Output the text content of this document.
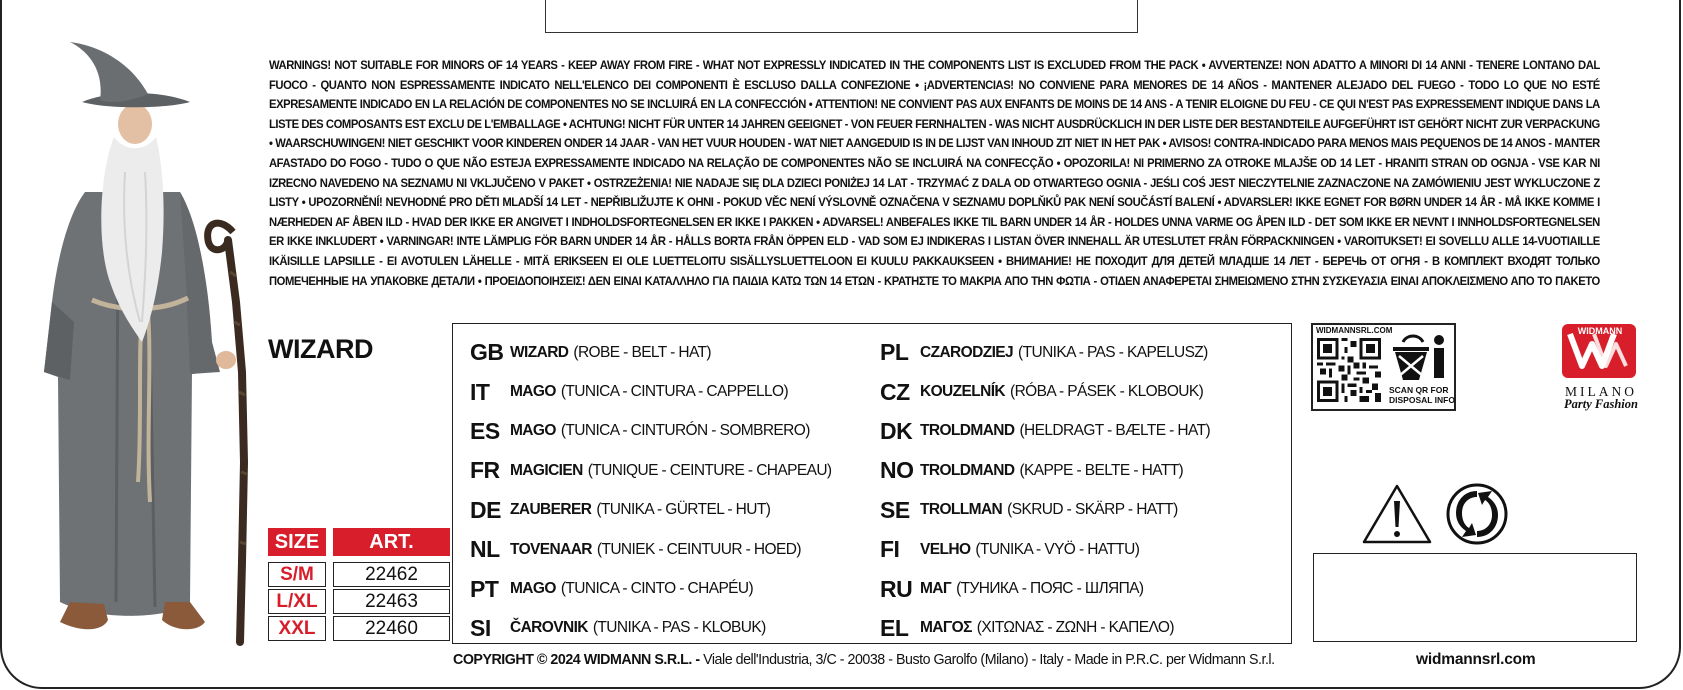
WARNINGS! NOT SUITABLE FOR MINORS OF 14 YEARS - KEEP AWAY FROM FIRE - WHAT NOT EXPRESSLY INDICATED IN THE COMPONENTS LIST IS EXCLUDED FROM THE PACK • AVVERTENZE! NON ADATTO A MINORI DI 14 ANNI - TENERE LONTANO DAL FUOCO - QUANTO NON ESPRESSAMENTE INDICATO NELL'ELENCO DEI COMPONENTI È ESCLUSO DALLA CONFEZIONE • ¡ADVERTENCIAS! NO CONVIENE PARA MENORES DE 14 AÑOS - MANTENER ALEJADO DEL FUEGO - TODO LO QUE NO ESTÉ EXPRESAMENTE INDICADO EN LA RELACIÓN DE COMPONENTES NO SE INCLUIRÁ EN LA CONFECCIÓN • ATTENTION! NE CONVIENT PAS AUX ENFANTS DE MOINS DE 14 ANS - A TENIR ELOIGNE DU FEU - CE QUI N'EST PAS EXPRESSEMENT INDIQUE DANS LA LISTE DES COMPOSANTS EST EXCLU DE L'EMBALLAGE • ACHTUNG! NICHT FÜR UNTER 14 JAHREN GEEIGNET - VON FEUER FERNHALTEN - WAS NICHT AUSDRÜCKLICH IN DER LISTE DER BESTANDTEILE AUFGEFÜHRT IST GEHÖRT NICHT ZUR VERPACKUNG • WAARSCHUWINGEN! NIET GESCHIKT VOOR KINDEREN ONDER 14 JAAR - VAN HET VUUR HOUDEN - WAT NIET AANGEDUID IS IN DE LIJST VAN INHOUD ZIT NIET IN HET PAK • AVISOS! CONTRA-INDICADO PARA MENOS MAIS PEQUENOS DE 14 ANOS - MANTER AFASTADO DO FOGO - TUDO O QUE NÃO ESTEJA EXPRESSAMENTE INDICADO NA RELAÇÃO DE COMPONENTES NÃO SE INCLUIRÁ NA CONFECÇÃO • OPOZORILA! NI PRIMERNO ZA OTROKE MLAJŠE OD 14 LET - HRANITI STRAN OD OGNJA - VSE KAR NI IZRECNO NAVEDENO NA SEZNAMU NI VKLJUČENO V PAKET • OSTRZEŻENIA! NIE NADAJE SIĘ DLA DZIECI PONIŻEJ 14 LAT - TRZYMAĆ Z DALA OD OTWARTEGO OGNIA - JEŚLI COŚ JEST NIECZYTELNIE ZAZNACZONE NA ZAMÓWIENIU JEST WYKLUCZONE Z LISTY • UPOZORNĚNÍ! NEVHODNÉ PRO DĚTI MLADŠÍ 14 LET - NEPŘIBLIŽUJTE K OHNI - POKUD VĚC NENÍ VÝSLOVNĚ OZNAČENA V SEZNAMU DOPLŇKŮ PAK NENÍ SOUČÁSTÍ BALENÍ • ADVARSLER! IKKE EGNET FOR BØRN UNDER 14 ÅR - MÅ IKKE KOMME I NÆRHEDEN AF ÅBEN ILD - HVAD DER IKKE ER ANGIVET I INDHOLDSFORTEGNELSEN ER IKKE I PAKKEN • ADVARSEL! ANBEFALES IKKE TIL BARN UNDER 14 ÅR - HOLDES UNNA VARME OG ÅPEN ILD - DET SOM IKKE ER NEVNT I INNHOLDSFORTEGNELSEN ER IKKE INKLUDERT • VARNINGAR! INTE LÄMPLIG FÖR BARN UNDER 14 ÅR - HÅLLS BORTA FRÅN ÖPPEN ELD - VAD SOM EJ INDIKERAS I LISTAN ÖVER INNEHALL ÄR UTESLUTET FRÅN FÖRPACKNINGEN • VAROITUKSET! EI SOVELLU ALLE 14-VUOTIAILLE IKÄISILLE LAPSILLE - EI AVOTULEN LÄHELLE - MITÄ ERIKSEEN EI OLE LUETTELOITU SISÄLLYSLUETTELOON EI KUULU PAKKAUKSEEN • ВНИМАНИЕ! НЕ ПОХОДИТ ДЛЯ ДЕТЕЙ МЛАДШЕ 14 ЛЕТ - БЕРЕЧЬ ОТ ОГНЯ - В КОМПЛЕКТ ВХОДЯТ ТОЛЬКО ПОМЕЧЕННЫЕ НА УПАКОВКЕ ДЕТАЛИ • ΠΡΟΕΙΔΟΠΟΙΗΣΕΙΣ! ΔΕΝ ΕΙΝΑΙ ΚΑΤΑΛΛΗΛΟ ΓΙΑ ΠΑΙΔΙΑ ΚΑΤΩ ΤΩΝ 14 ΕΤΩΝ - ΚΡΑΤΗΣΤΕ ΤΟ ΜΑΚΡΙΑ ΑΠΟ ΤΗΝ ΦΩΤΙΑ - ΟΤΙΔΕΝ ΑΝΑΦΕΡΕΤΑΙ ΣΗΜΕΙΩΜΕΝΟ ΣΤΗΝ ΣΥΣΚΕΥΑΣΙΑ ΕΙΝΑΙ ΑΠΟΚΛΕΙΣΜΕΝΟ ΑΠΟ ΤΟ ΠΑΚΕΤΟ
WIZARD	GB WIZARD (ROBE - BELT - HAT)
IT	MAGO (TUNICA - CINTURA - CAPPELLO)
ES MAGO (TUNICA - CINTURÓN - SOMBRERO)
FR MAGICIEN (TUNIQUE - CEINTURE - CHAPEAU)
DE ZAUBERER (TUNIKA - GÜRTEL - HUT)
NL TOVENAAR (TUNIEK - CEINTUUR - HOED)
PT MAGO (TUNICA - CINTO - CHAPÉU)
SI	ČAROVNIK (TUNIKA - PAS - KLOBUK)
PL CZARODZIEJ (TUNIKA - PAS - KAPELUSZ)
CZ KOUZELNÍK (RÓBA - PÁSEK - KLOBOUK)
DK TROLDMAND (HELDRAGT - BÆLTE - HAT)
NO TROLDMAND (KAPPE - BELTE - HATT)
SE TROLLMAN (SKRUD - SKÄRP - HATT)
FI	VELHO (TUNIKA - VYÖ - HATTU)
RU МАГ (ТУНИКА - ПОЯС - ШЛЯПА)
EL ΜΑΓΟΣ (ΧΙΤΩΝΑΣ - ΖΩΝΗ - ΚΑΠΕΛΟ)
SIZE	ART.
S/M	22462
L/XL	22463
XXL	22460
COPYRIGHT © 2024 WIDMANN S.R.L. - Viale dell'Industria, 3/C - 20038 - Busto Garolfo (Milano) - Italy - Made in P.R.C. per Widmann S.r.l.	widmannsrl.com
WIDMANNSRL.COM
SCAN QR FOR DISPOSAL INFO
WIDMANN
MILANO
Party Fashion
